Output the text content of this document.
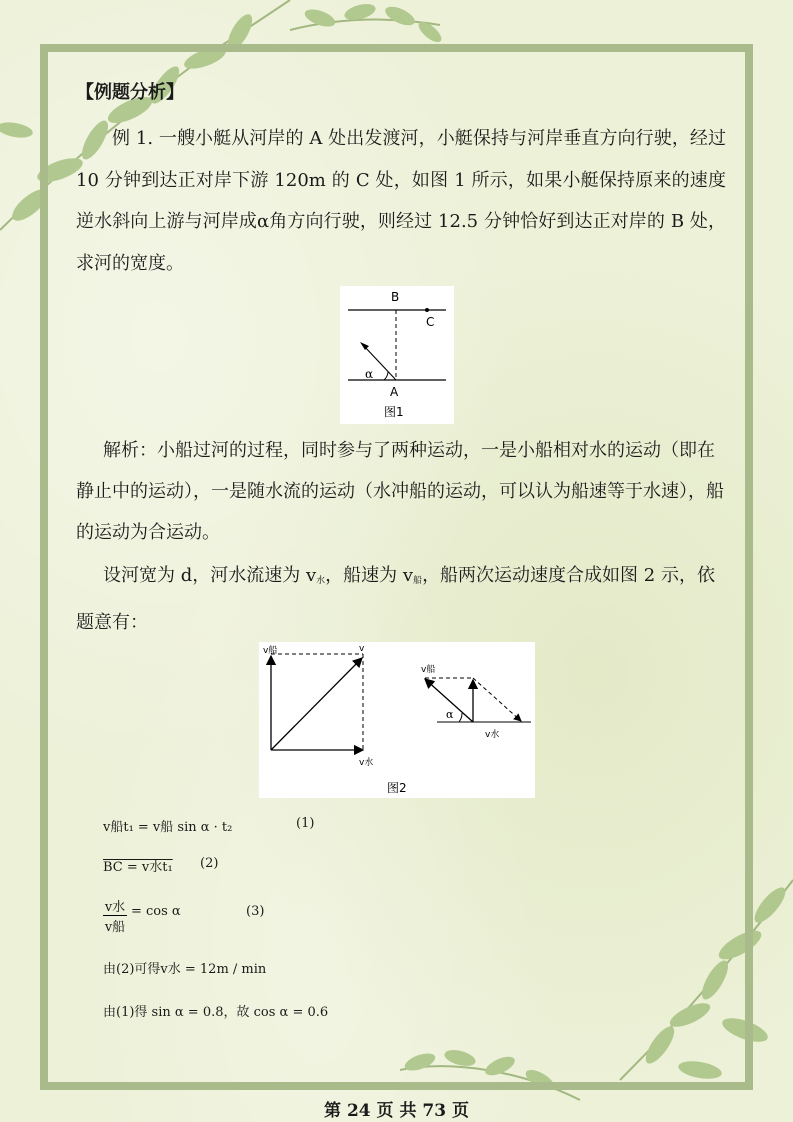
【例题分析】

例 1. 一艘小艇从河岸的 A 处出发渡河，小艇保持与河岸垂直方向行驶，经过 10 分钟到达正对岸下游 120m 的 C 处，如图 1 所示，如果小艇保持原来的速度逆水斜向上游与河岸成α角方向行驶，则经过 12.5 分钟恰好到达正对岸的 B 处，求河的宽度。

B
C
A
α
图1

解析：小船过河的过程，同时参与了两种运动，一是小船相对水的运动（即在静止中的运动），一是随水流的运动（水冲船的运动，可以认为船速等于水速），船的运动为合运动。

设河宽为 d，河水流速为 $v_水$，船速为 $v_船$，船两次运动速度合成如图 2 示，依题意有：

v船	v
v水
v船
α
v水
图2
v船t₁ = v船 sin α · t₂	(1)
BC = v水t₁ (2)
v水
v船
= cos α	(3)
由(2)可得v水 = 12m / min
由(1)得 sin α = 0.8，故 cos α = 0.6
第 24 页 共 73 页
